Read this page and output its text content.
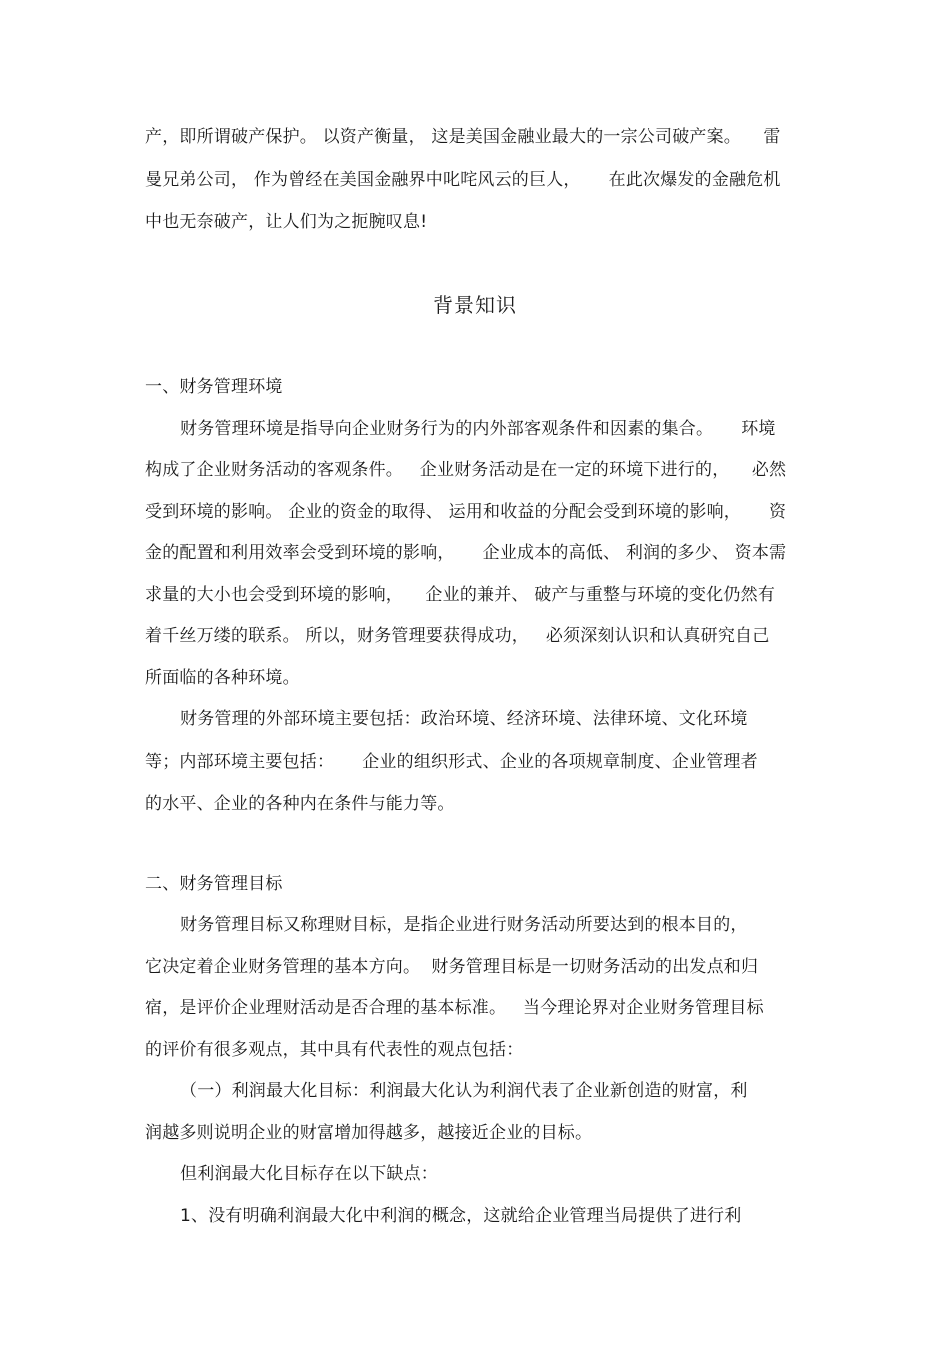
产，即所谓破产保护。 以资产衡量， 这是美国金融业最大的一宗公司破产案。    雷
曼兄弟公司， 作为曾经在美国金融界中叱咤风云的巨人，     在此次爆发的金融危机
中也无奈破产，让人们为之扼腕叹息!
背景知识
一、财务管理环境
财务管理环境是指导向企业财务行为的内外部客观条件和因素的集合。     环境
构成了企业财务活动的客观条件。   企业财务活动是在一定的环境下进行的，    必然
受到环境的影响。 企业的资金的取得、 运用和收益的分配会受到环境的影响，     资
金的配置和利用效率会受到环境的影响，     企业成本的高低、 利润的多少、 资本需
求量的大小也会受到环境的影响，    企业的兼并、 破产与重整与环境的变化仍然有
着千丝万缕的联系。 所以，财务管理要获得成功，   必须深刻认识和认真研究自己
所面临的各种环境。
财务管理的外部环境主要包括：政治环境、经济环境、法律环境、文化环境
等；内部环境主要包括：     企业的组织形式、企业的各项规章制度、企业管理者
的水平、企业的各种内在条件与能力等。
二、财务管理目标
财务管理目标又称理财目标，是指企业进行财务活动所要达到的根本目的，
它决定着企业财务管理的基本方向。  财务管理目标是一切财务活动的出发点和归
宿，是评价企业理财活动是否合理的基本标准。   当今理论界对企业财务管理目标
的评价有很多观点，其中具有代表性的观点包括：
（一）利润最大化目标：利润最大化认为利润代表了企业新创造的财富，利
润越多则说明企业的财富增加得越多，越接近企业的目标。
但利润最大化目标存在以下缺点：
1、没有明确利润最大化中利润的概念，这就给企业管理当局提供了进行利
